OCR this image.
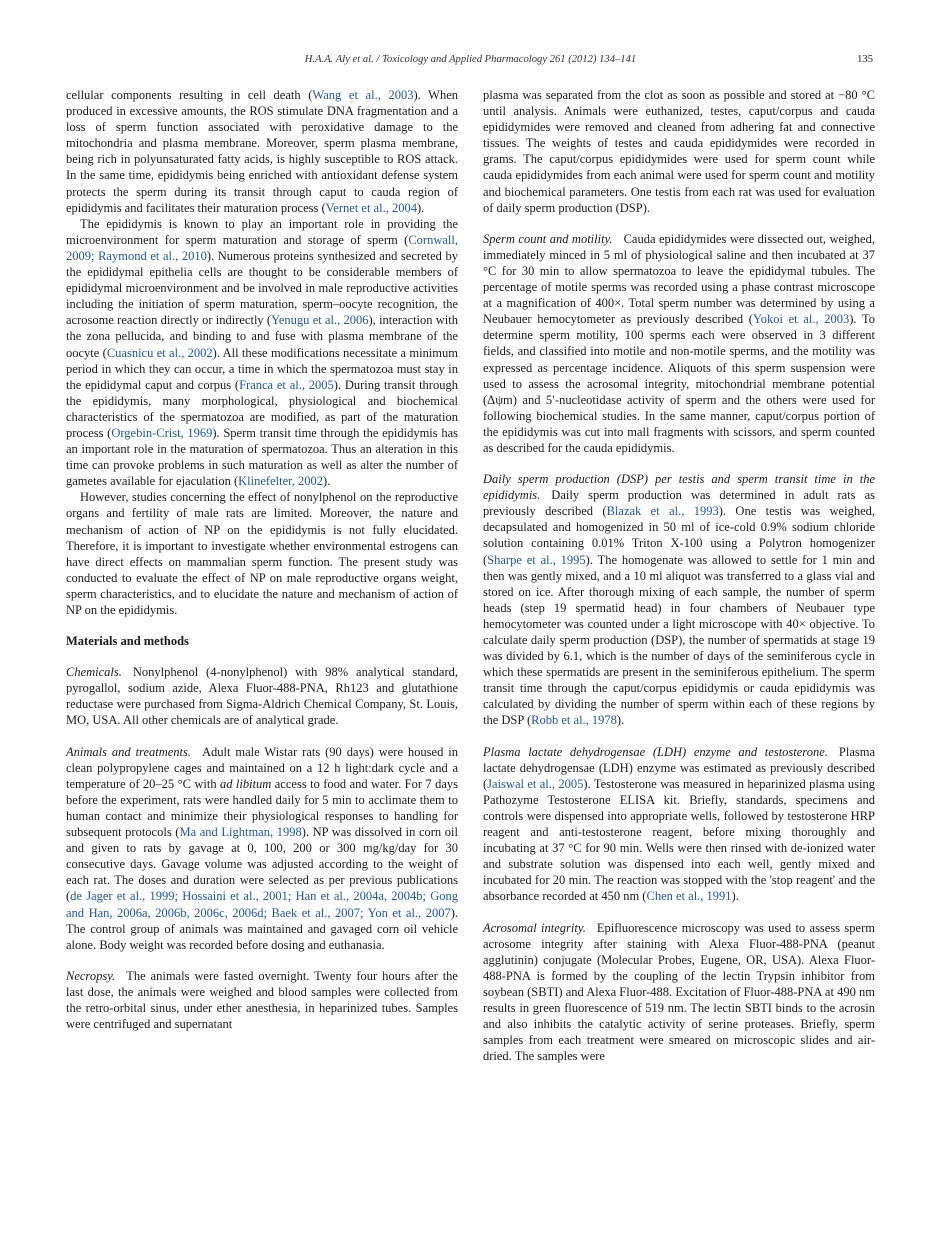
H.A.A. Aly et al. / Toxicology and Applied Pharmacology 261 (2012) 134–141	135

cellular components resulting in cell death (Wang et al., 2003). When produced in excessive amounts, the ROS stimulate DNA fragmentation and a loss of sperm function associated with peroxidative damage to the mitochondria and plasma membrane. Moreover, sperm plasma membrane, being rich in polyunsaturated fatty acids, is highly susceptible to ROS attack. In the same time, epididymis being enriched with antioxidant defense system protects the sperm during its transit through caput to cauda region of epididymis and facilitates their maturation process (Vernet et al., 2004).

The epididymis is known to play an important role in providing the microenvironment for sperm maturation and storage of sperm (Cornwall, 2009; Raymond et al., 2010). Numerous proteins synthesized and secreted by the epididymal epithelia cells are thought to be considerable members of epididymal microenvironment and be involved in male reproductive activities including the initiation of sperm maturation, sperm–oocyte recognition, the acrosome reaction directly or indirectly (Yenugu et al., 2006), interaction with the zona pellucida, and binding to and fuse with plasma membrane of the oocyte (Cuasnicu et al., 2002). All these modifications necessitate a minimum period in which they can occur, a time in which the spermatozoa must stay in the epididymal caput and corpus (Franca et al., 2005). During transit through the epididymis, many morphological, physiological and biochemical characteristics of the spermatozoa are modified, as part of the maturation process (Orgebin-Crist, 1969). Sperm transit time through the epididymis has an important role in the maturation of spermatozoa. Thus an alteration in this time can provoke problems in such maturation as well as alter the number of gametes available for ejaculation (Klinefelter, 2002).

However, studies concerning the effect of nonylphenol on the reproductive organs and fertility of male rats are limited. Moreover, the nature and mechanism of action of NP on the epididymis is not fully elucidated. Therefore, it is important to investigate whether environmental estrogens can have direct effects on mammalian sperm function. The present study was conducted to evaluate the effect of NP on male reproductive organs weight, sperm characteristics, and to elucidate the nature and mechanism of action of NP on the epididymis.

Materials and methods

Chemicals. Nonylphenol (4-nonylphenol) with 98% analytical standard, pyrogallol, sodium azide, Alexa Fluor-488-PNA, Rh123 and glutathione reductase were purchased from Sigma-Aldrich Chemical Company, St. Louis, MO, USA. All other chemicals are of analytical grade.

Animals and treatments. Adult male Wistar rats (90 days) were housed in clean polypropylene cages and maintained on a 12 h light:dark cycle and a temperature of 20–25 °C with ad libitum access to food and water. For 7 days before the experiment, rats were handled daily for 5 min to acclimate them to human contact and minimize their physiological responses to handling for subsequent protocols (Ma and Lightman, 1998). NP was dissolved in corn oil and given to rats by gavage at 0, 100, 200 or 300 mg/kg/day for 30 consecutive days. Gavage volume was adjusted according to the weight of each rat. The doses and duration were selected as per previous publications (de Jager et al., 1999; Hossaini et al., 2001; Han et al., 2004a, 2004b; Gong and Han, 2006a, 2006b, 2006c, 2006d; Baek et al., 2007; Yon et al., 2007). The control group of animals was maintained and gavaged corn oil vehicle alone. Body weight was recorded before dosing and euthanasia.

Necropsy. The animals were fasted overnight. Twenty four hours after the last dose, the animals were weighed and blood samples were collected from the retro-orbital sinus, under ether anesthesia, in heparinized tubes. Samples were centrifuged and supernatant

plasma was separated from the clot as soon as possible and stored at −80 °C until analysis. Animals were euthanized, testes, caput/corpus and cauda epididymides were removed and cleaned from adhering fat and connective tissues. The weights of testes and cauda epididymides were recorded in grams. The caput/corpus epididymides were used for sperm count while cauda epididymides from each animal were used for sperm count and motility and biochemical parameters. One testis from each rat was used for evaluation of daily sperm production (DSP).

Sperm count and motility. Cauda epididymides were dissected out, weighed, immediately minced in 5 ml of physiological saline and then incubated at 37 °C for 30 min to allow spermatozoa to leave the epididymal tubules. The percentage of motile sperms was recorded using a phase contrast microscope at a magnification of 400×. Total sperm number was determined by using a Neubauer hemocytometer as previously described (Yokoi et al., 2003). To determine sperm motility, 100 sperms each were observed in 3 different fields, and classified into motile and non-motile sperms, and the motility was expressed as percentage incidence. Aliquots of this sperm suspension were used to assess the acrosomal integrity, mitochondrial membrane potential (Δψm) and 5′-nucleotidase activity of sperm and the others were used for following biochemical studies. In the same manner, caput/corpus portion of the epididymis was cut into mall fragments with scissors, and sperm counted as described for the cauda epididymis.

Daily sperm production (DSP) per testis and sperm transit time in the epididymis. Daily sperm production was determined in adult rats as previously described (Blazak et al., 1993). One testis was weighed, decapsulated and homogenized in 50 ml of ice-cold 0.9% sodium chloride solution containing 0.01% Triton X-100 using a Polytron homogenizer (Sharpe et al., 1995). The homogenate was allowed to settle for 1 min and then was gently mixed, and a 10 ml aliquot was transferred to a glass vial and stored on ice. After thorough mixing of each sample, the number of sperm heads (step 19 spermatid head) in four chambers of Neubauer type hemocytometer was counted under a light microscope with 40× objective. To calculate daily sperm production (DSP), the number of spermatids at stage 19 was divided by 6.1, which is the number of days of the seminiferous cycle in which these spermatids are present in the seminiferous epithelium. The sperm transit time through the caput/corpus epididymis or cauda epididymis was calculated by dividing the number of sperm within each of these regions by the DSP (Robb et al., 1978).

Plasma lactate dehydrogensae (LDH) enzyme and testosterone. Plasma lactate dehydrogensae (LDH) enzyme was estimated as previously described (Jaiswal et al., 2005). Testosterone was measured in heparinized plasma using Pathozyme Testosterone ELISA kit. Briefly, standards, specimens and controls were dispensed into appropriate wells, followed by testosterone HRP reagent and anti-testosterone reagent, before mixing thoroughly and incubating at 37 °C for 90 min. Wells were then rinsed with de-ionized water and substrate solution was dispensed into each well, gently mixed and incubated for 20 min. The reaction was stopped with the 'stop reagent' and the absorbance recorded at 450 nm (Chen et al., 1991).

Acrosomal integrity. Epifluorescence microscopy was used to assess sperm acrosome integrity after staining with Alexa Fluor-488-PNA (peanut agglutinin) conjugate (Molecular Probes, Eugene, OR, USA). Alexa Fluor-488-PNA is formed by the coupling of the lectin Trypsin inhibitor from soybean (SBTI) and Alexa Fluor-488. Excitation of Fluor-488-PNA at 490 nm results in green fluorescence of 519 nm. The lectin SBTI binds to the acrosin and also inhibits the catalytic activity of serine proteases. Briefly, sperm samples from each treatment were smeared on microscopic slides and air-dried. The samples were
